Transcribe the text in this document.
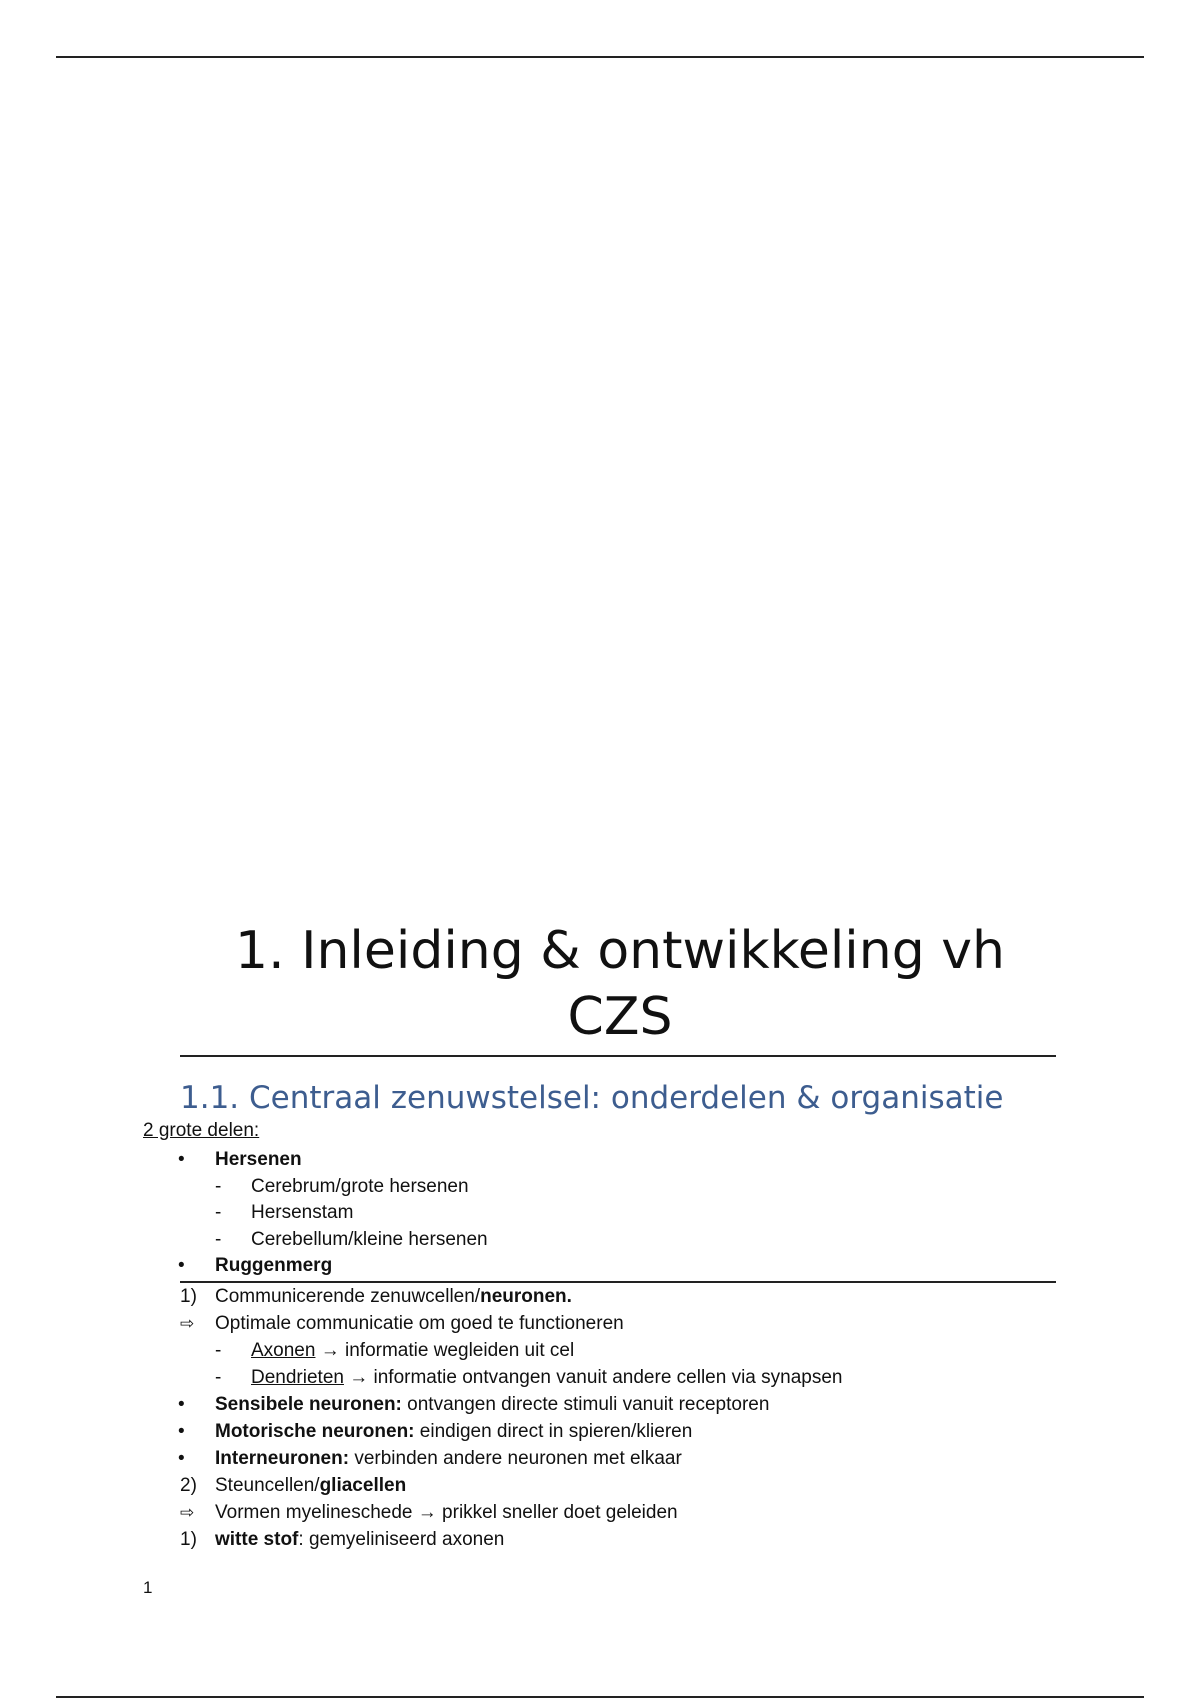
1. Inleiding & ontwikkeling vh CZS
1.1. Centraal zenuwstelsel: onderdelen & organisatie
2 grote delen:
• Hersenen
- Cerebrum/grote hersenen
- Hersenstam
- Cerebellum/kleine hersenen
• Ruggenmerg
1) Communicerende zenuwcellen/neuronen.
⇨ Optimale communicatie om goed te functioneren
- Axonen → informatie wegleiden uit cel
- Dendrieten → informatie ontvangen vanuit andere cellen via synapsen
• Sensibele neuronen: ontvangen directe stimuli vanuit receptoren
• Motorische neuronen: eindigen direct in spieren/klieren
• Interneuronen: verbinden andere neuronen met elkaar
2) Steuncellen/gliacellen
⇨ Vormen myelineschede → prikkel sneller doet geleiden
1) witte stof: gemyeliniseerd axonen
1
